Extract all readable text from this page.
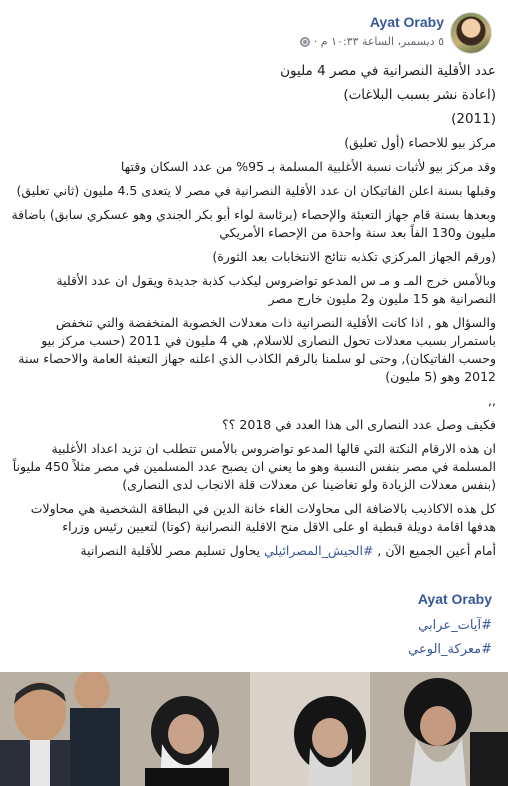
Ayat Oraby
٥ ديسمبر، الساعة ١٠:٣٣ م ·

عدد الأقلية النصرانية في مصر 4 مليون

(اعادة نشر بسبب البلاغات)

(2011)

مركز بيو للاحصاء (أول تعليق)

وقد مركز بيو لأثبات نسبة الأغلبية المسلمة بـ 95% من عدد السكان وقتها

وقبلها بسنة اعلن الفاتيكان ان عدد الأقلية النصرانية في مصر لا يتعدى 4.5 مليون (ثاني تعليق)

وبعدها بسنة قام جهاز التعبئة والإحصاء (برئاسة لواء أبو بكر الجندي وهو عسكري سابق) باضافة مليون و130 الفاً بعد سنة واحدة من الإحصاء الأمريكي

(ورقم الجهاز المركزي تكذبه نتائج الانتخابات بعد الثورة)

وبالأمس خرج المـ و مـ س المدعو تواضروس ليكذب كذبة جديدة ويقول ان عدد الأقلية النصرانية هو 15 مليون و2 مليون خارج مصر

والسؤال هو , اذا كانت الأقلية النصرانية ذات معدلات الخصوبة المنخفضة والتي تنخفض باستمرار بسبب معدلات تحول النصارى للاسلام, هي 4 مليون في 2011 (حسب مركز بيو وحسب الفاتيكان), وحتى لو سلمنا بالرقم الكاذب الذي اعلنه جهاز التعبئة العامة والاحصاء سنة 2012 وهو (5 مليون)

,,

فكيف وصل عدد النصارى الى هذا العدد في 2018 ؟؟

ان هذه الارقام النكتة التي قالها المدعو تواضروس بالأمس تتطلب ان تزيد اعداد الأغلبية المسلمة في مصر بنفس النسبة وهو ما يعني ان يصبح عدد المسلمين في مصر مثلاً 450 مليوناً (بنفس معدلات الزيادة ولو تغاضينا عن معدلات قلة الانجاب لدى النصارى)

كل هذه الاكاذيب بالاضافة الى محاولات الغاء خانة الدين في البطاقة الشخصية هي محاولات هدفها اقامة دويلة قبطية او على الاقل منح الاقلية النصرانية (كوتا) لتعيين رئيس وزراء

أمام أعين الجميع الآن , #الجيش_المصرائيلي يحاول تسليم مصر للأقلية النصرانية

Ayat Oraby
#آيات_عرابي
#معركة_الوعي
